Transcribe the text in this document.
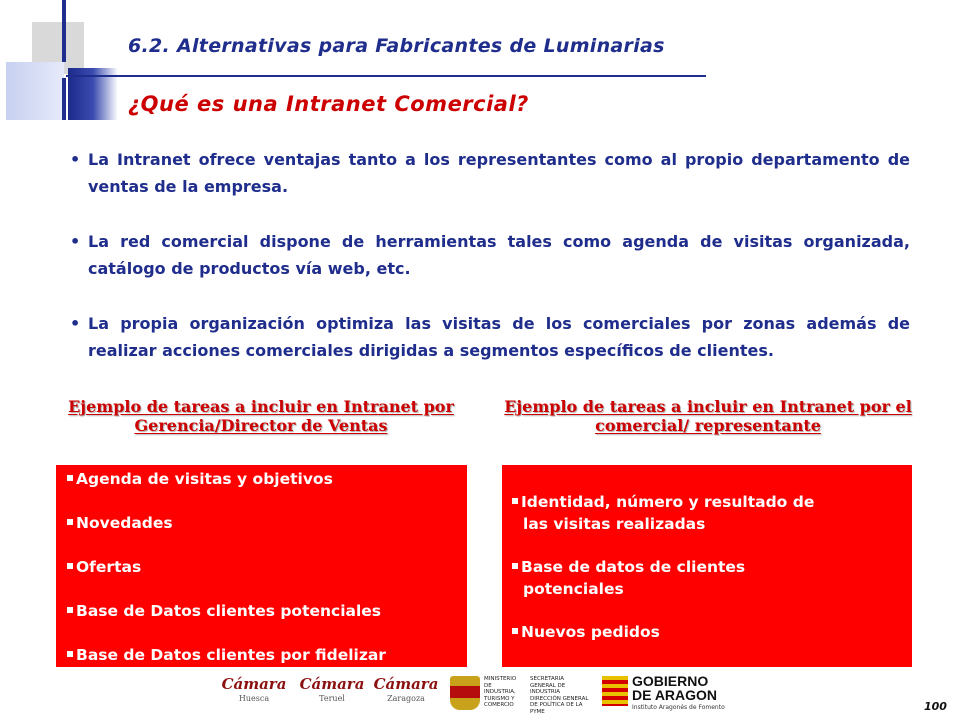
6.2. Alternativas para Fabricantes de Luminarias
¿Qué es una Intranet Comercial?
• La Intranet ofrece ventajas tanto a los representantes como al propio departamento de ventas de la empresa.
• La red comercial dispone de herramientas tales como agenda de visitas organizada, catálogo de productos vía web, etc.
• La propia organización optimiza las visitas de los comerciales por zonas además de realizar acciones comerciales dirigidas a segmentos específicos de clientes.
Ejemplo de tareas a incluir en Intranet por Gerencia/Director de Ventas
Ejemplo de tareas a incluir en Intranet por el comercial/ representante
Agenda de visitas y objetivos
Novedades
Ofertas
Base de Datos clientes potenciales
Base de Datos clientes por fidelizar
Identidad, número y resultado de
las visitas realizadas
Base de datos de clientes
potenciales
Nuevos pedidos
Cámara
Huesca
Cámara
Teruel
Cámara
Zaragoza
MINISTERIO DE INDUSTRIA, TURISMO Y COMERCIO
SECRETARIA GENERAL DE INDUSTRIA DIRECCIÓN GENERAL DE POLÍTICA DE LA PYME
GOBIERNO
DE ARAGON
Instituto Aragonés de Fomento	100
